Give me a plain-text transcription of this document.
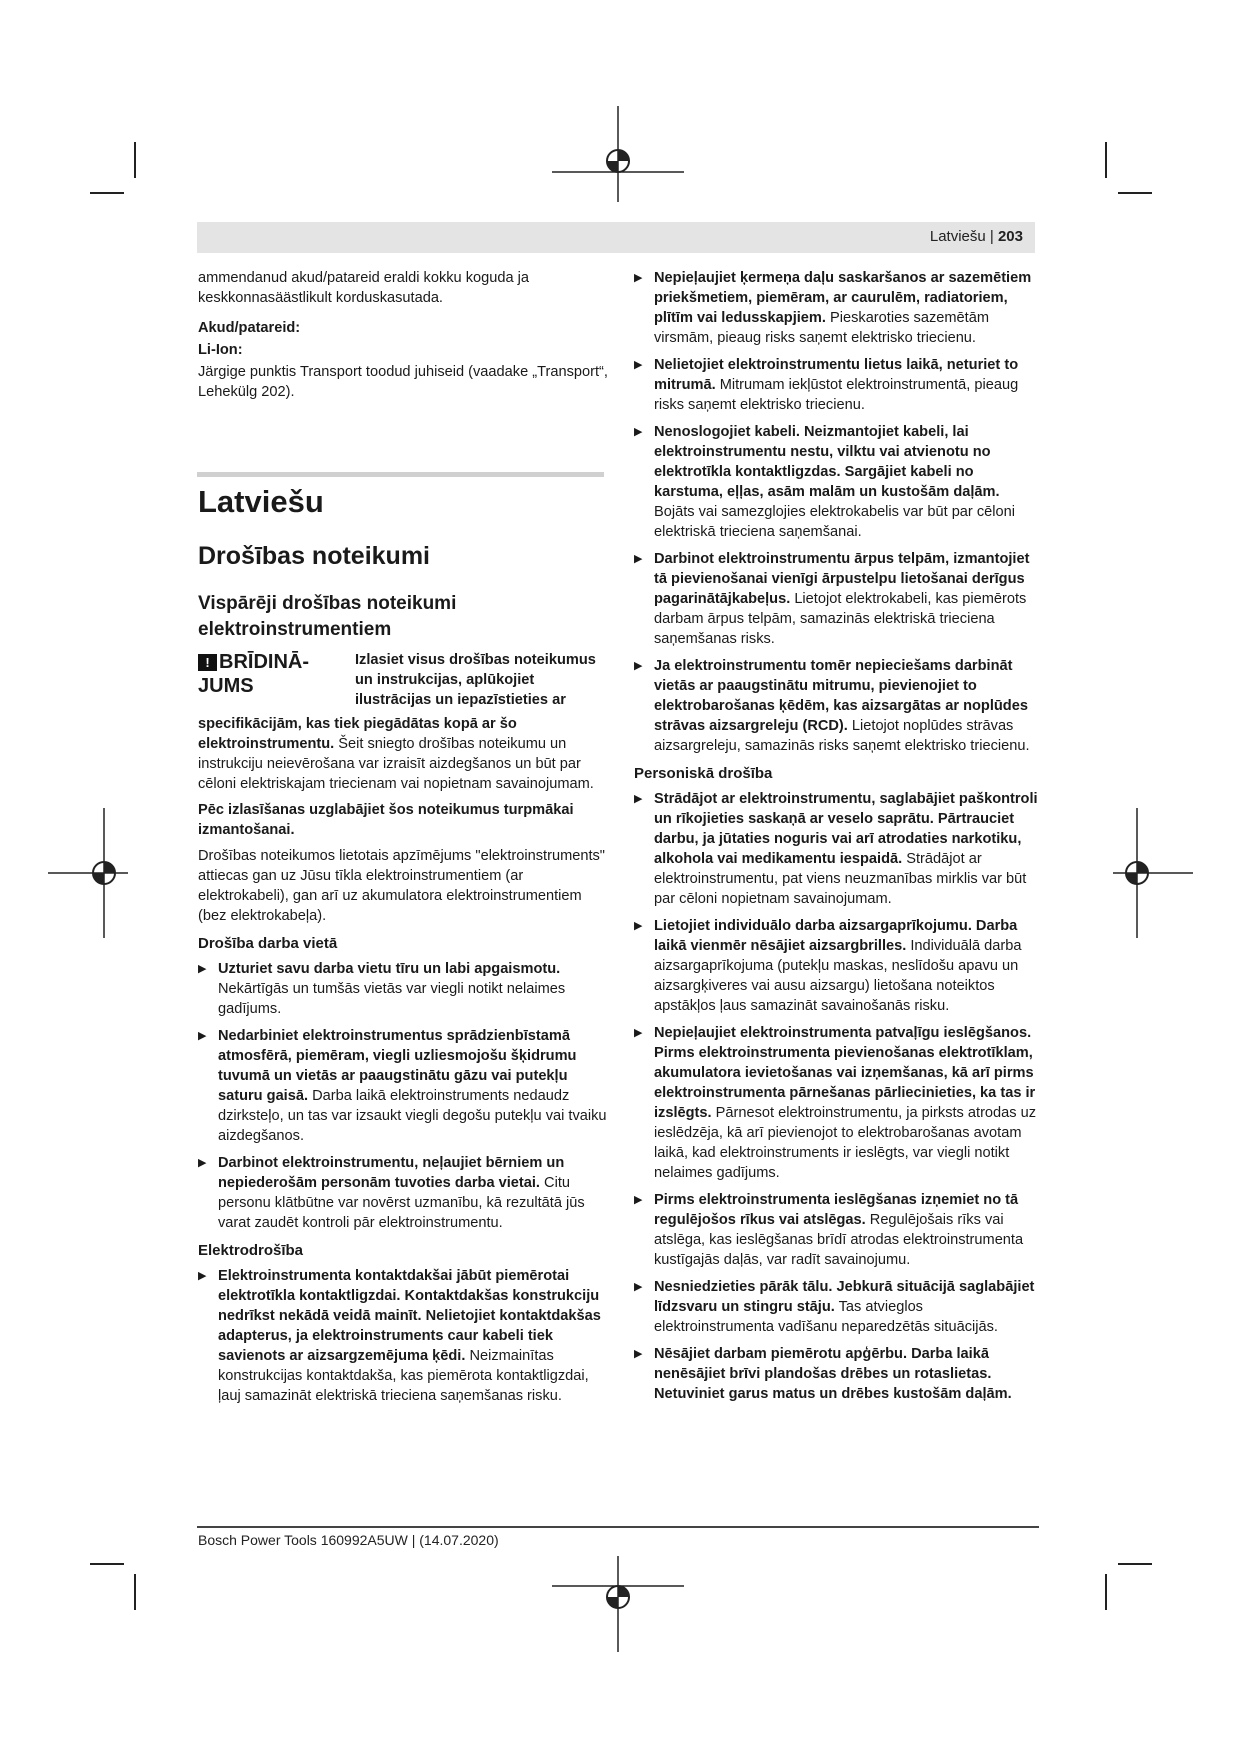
Latviešu | 203

ammendanud akud/patareid eraldi kokku koguda ja keskkonnasäästlikult korduskasutada.

Akud/patareid:

Li-Ion:

Järgige punktis Transport toodud juhiseid (vaadake „Transport“, Lehekülg 202).

Latviešu
Drošības noteikumi
Vispārēji drošības noteikumi elektroinstrumentiem
! BRĪDINĀ-JUMS
Izlasiet visus drošības noteikumus un instrukcijas, aplūkojiet ilustrācijas un iepazīstieties ar

specifikācijām, kas tiek piegādātas kopā ar šo elektroinstrumentu. Šeit sniegto drošības noteikumu un instrukciju neievērošana var izraisīt aizdegšanos un būt par cēloni elektriskajam triecienam vai nopietnam savainojumam.

Pēc izlasīšanas uzglabājiet šos noteikumus turpmākai izmantošanai.

Drošības noteikumos lietotais apzīmējums "elektroinstruments" attiecas gan uz Jūsu tīkla elektroinstrumentiem (ar elektrokabeli), gan arī uz akumulatora elektroinstrumentiem (bez elektrokabeļa).

Drošība darba vietā
▶ Uzturiet savu darba vietu tīru un labi apgaismotu. Nekārtīgās un tumšās vietās var viegli notikt nelaimes gadījums.
▶ Nedarbiniet elektroinstrumentus sprādzienbīstamā atmosfērā, piemēram, viegli uzliesmojošu šķidrumu tuvumā un vietās ar paaugstinātu gāzu vai putekļu saturu gaisā. Darba laikā elektroinstruments nedaudz dzirksteļo, un tas var izsaukt viegli degošu putekļu vai tvaiku aizdegšanos.
▶ Darbinot elektroinstrumentu, neļaujiet bērniem un nepiederošām personām tuvoties darba vietai. Citu personu klātbūtne var novērst uzmanību, kā rezultātā jūs varat zaudēt kontroli pār elektroinstrumentu.
Elektrodrošība
▶ Elektroinstrumenta kontaktdakšai jābūt piemērotai elektrotīkla kontaktligzdai. Kontaktdakšas konstrukciju nedrīkst nekādā veidā mainīt. Nelietojiet kontaktdakšas adapterus, ja elektroinstruments caur kabeli tiek savienots ar aizsargzemējuma ķēdi. Neizmainītas konstrukcijas kontaktdakša, kas piemērota kontaktligzdai, ļauj samazināt elektriskā trieciena saņemšanas risku.
▶ Nepieļaujiet ķermeņa daļu saskaršanos ar sazemētiem priekšmetiem, piemēram, ar caurulēm, radiatoriem, plītīm vai ledusskapjiem. Pieskaroties sazemētām virsmām, pieaug risks saņemt elektrisko triecienu.
▶ Nelietojiet elektroinstrumentu lietus laikā, neturiet to mitrumā. Mitrumam iekļūstot elektroinstrumentā, pieaug risks saņemt elektrisko triecienu.
▶ Nenoslogojiet kabeli. Neizmantojiet kabeli, lai elektroinstrumentu nestu, vilktu vai atvienotu no elektrotīkla kontaktligzdas. Sargājiet kabeli no karstuma, eļļas, asām malām un kustošām daļām. Bojāts vai samezglojies elektrokabelis var būt par cēloni elektriskā trieciena saņemšanai.
▶ Darbinot elektroinstrumentu ārpus telpām, izmantojiet tā pievienošanai vienīgi ārpustelpu lietošanai derīgus pagarinātājkabeļus. Lietojot elektrokabeli, kas piemērots darbam ārpus telpām, samazinās elektriskā trieciena saņemšanas risks.
▶ Ja elektroinstrumentu tomēr nepieciešams darbināt vietās ar paaugstinātu mitrumu, pievienojiet to elektrobarošanas ķēdēm, kas aizsargātas ar noplūdes strāvas aizsargreleju (RCD). Lietojot noplūdes strāvas aizsargreleju, samazinās risks saņemt elektrisko triecienu.
Personiskā drošība
▶ Strādājot ar elektroinstrumentu, saglabājiet paškontroli un rīkojieties saskaņā ar veselo saprātu. Pārtrauciet darbu, ja jūtaties noguris vai arī atrodaties narkotiku, alkohola vai medikamentu iespaidā. Strādājot ar elektroinstrumentu, pat viens neuzmanības mirklis var būt par cēloni nopietnam savainojumam.
▶ Lietojiet individuālo darba aizsargaprīkojumu. Darba laikā vienmēr nēsājiet aizsargbrilles. Individuālā darba aizsargaprīkojuma (putekļu maskas, neslīdošu apavu un aizsargķiveres vai ausu aizsargu) lietošana noteiktos apstākļos ļaus samazināt savainošanās risku.
▶ Nepieļaujiet elektroinstrumenta patvaļīgu ieslēgšanos. Pirms elektroinstrumenta pievienošanas elektrotīklam, akumulatora ievietošanas vai izņemšanas, kā arī pirms elektroinstrumenta pārnešanas pārliecinieties, ka tas ir izslēgts. Pārnesot elektroinstrumentu, ja pirksts atrodas uz ieslēdzēja, kā arī pievienojot to elektrobarošanas avotam laikā, kad elektroinstruments ir ieslēgts, var viegli notikt nelaimes gadījums.
▶ Pirms elektroinstrumenta ieslēgšanas izņemiet no tā regulējošos rīkus vai atslēgas. Regulējošais rīks vai atslēga, kas ieslēgšanas brīdī atrodas elektroinstrumenta kustīgajās daļās, var radīt savainojumu.
▶ Nesniedzieties pārāk tālu. Jebkurā situācijā saglabājiet līdzsvaru un stingru stāju. Tas atvieglos elektroinstrumenta vadīšanu neparedzētās situācijās.
▶ Nēsājiet darbam piemērotu apģērbu. Darba laikā nenēsājiet brīvi plandošas drēbes un rotaslietas. Netuviniet garus matus un drēbes kustošām daļām.
Bosch Power Tools 160992A5UW | (14.07.2020)
